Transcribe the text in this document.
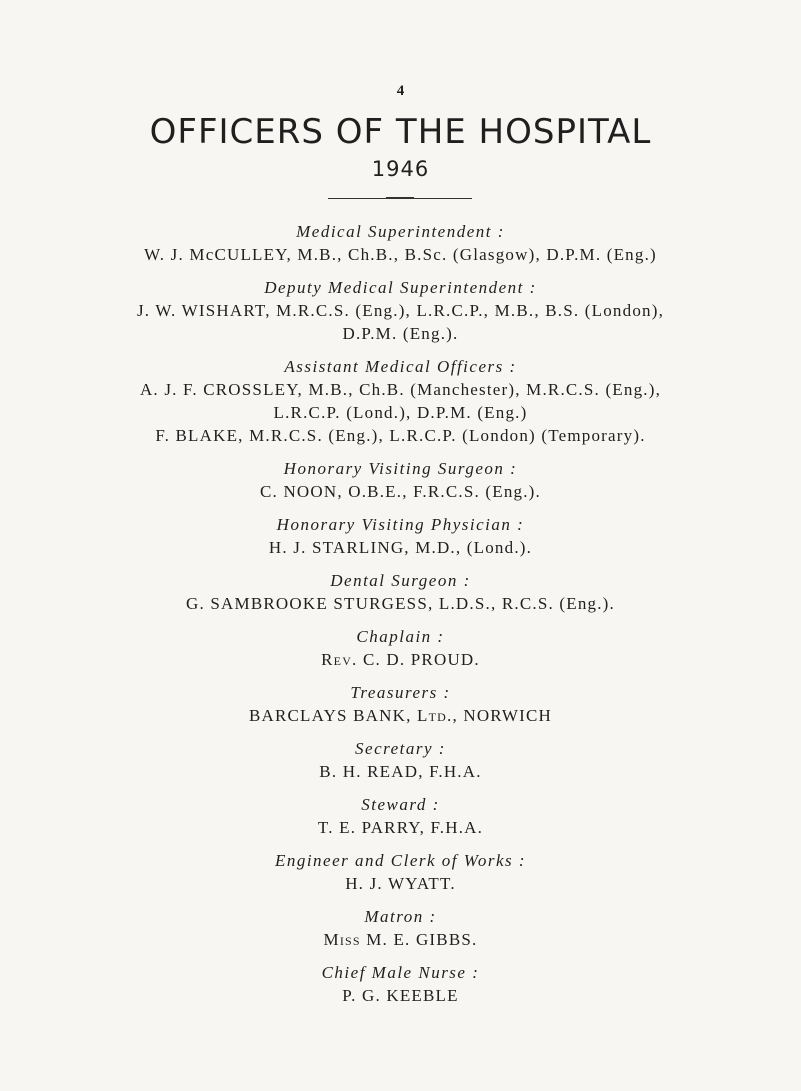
4
OFFICERS OF THE HOSPITAL
1946

Medical Superintendent :

W. J. McCULLEY, M.B., Ch.B., B.Sc. (Glasgow), D.P.M. (Eng.)

Deputy Medical Superintendent :

J. W. WISHART, M.R.C.S. (Eng.), L.R.C.P., M.B., B.S. (London),

D.P.M. (Eng.).

Assistant Medical Officers :

A. J. F. CROSSLEY, M.B., Ch.B. (Manchester), M.R.C.S. (Eng.),

L.R.C.P. (Lond.), D.P.M. (Eng.)

F. BLAKE, M.R.C.S. (Eng.), L.R.C.P. (London) (Temporary).

Honorary Visiting Surgeon :

C. NOON, O.B.E., F.R.C.S. (Eng.).

Honorary Visiting Physician :

H. J. STARLING, M.D., (Lond.).

Dental Surgeon :

G. SAMBROOKE STURGESS, L.D.S., R.C.S. (Eng.).

Chaplain :

Rev. C. D. PROUD.

Treasurers :

BARCLAYS BANK, Ltd., NORWICH

Secretary :

B. H. READ, F.H.A.

Steward :

T. E. PARRY, F.H.A.

Engineer and Clerk of Works :

H. J. WYATT.

Matron :

Miss M. E. GIBBS.

Chief Male Nurse :

P. G. KEEBLE
